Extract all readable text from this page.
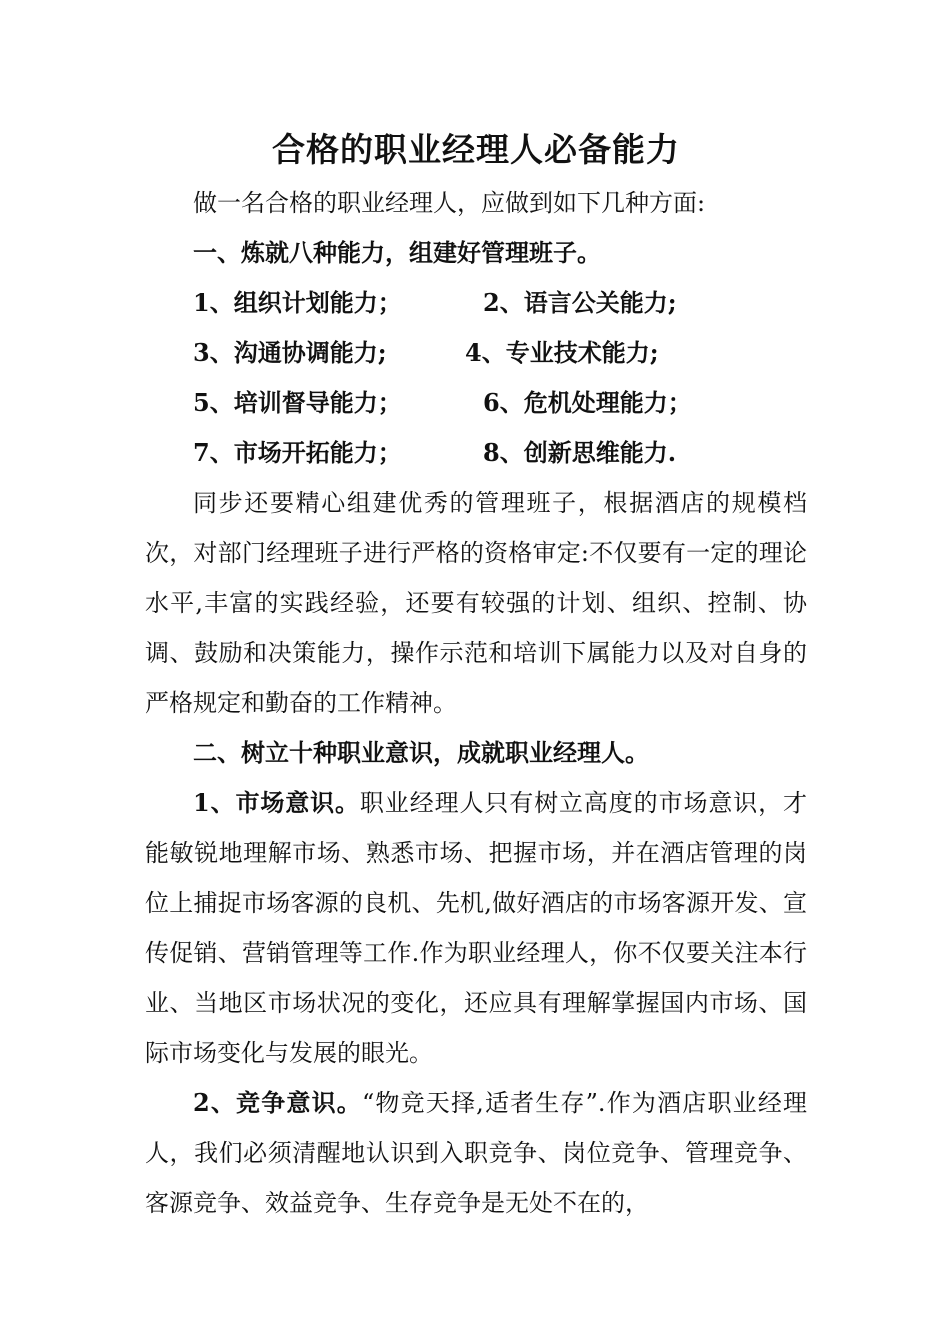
合格的职业经理人必备能力

做一名合格的职业经理人，应做到如下几种方面:

一、炼就八种能力，组建好管理班子。

1、组织计划能力；	2、语言公关能力;
3、沟通协调能力;	4、专业技术能力;
5、培训督导能力；	6、危机处理能力；
7、市场开拓能力；	8、创新思维能力.

同步还要精心组建优秀的管理班子，根据酒店的规模档次，对部门经理班子进行严格的资格审定:不仅要有一定的理论水平,丰富的实践经验，还要有较强的计划、组织、控制、协调、鼓励和决策能力，操作示范和培训下属能力以及对自身的严格规定和勤奋的工作精神。

二、树立十种职业意识，成就职业经理人。

1、市场意识。职业经理人只有树立高度的市场意识，才能敏锐地理解市场、熟悉市场、把握市场，并在酒店管理的岗位上捕捉市场客源的良机、先机,做好酒店的市场客源开发、宣传促销、营销管理等工作.作为职业经理人，你不仅要关注本行业、当地区市场状况的变化，还应具有理解掌握国内市场、国际市场变化与发展的眼光。

2、竞争意识。“物竞天择,适者生存”.作为酒店职业经理人，我们必须清醒地认识到入职竞争、岗位竞争、管理竞争、客源竞争、效益竞争、生存竞争是无处不在的，
